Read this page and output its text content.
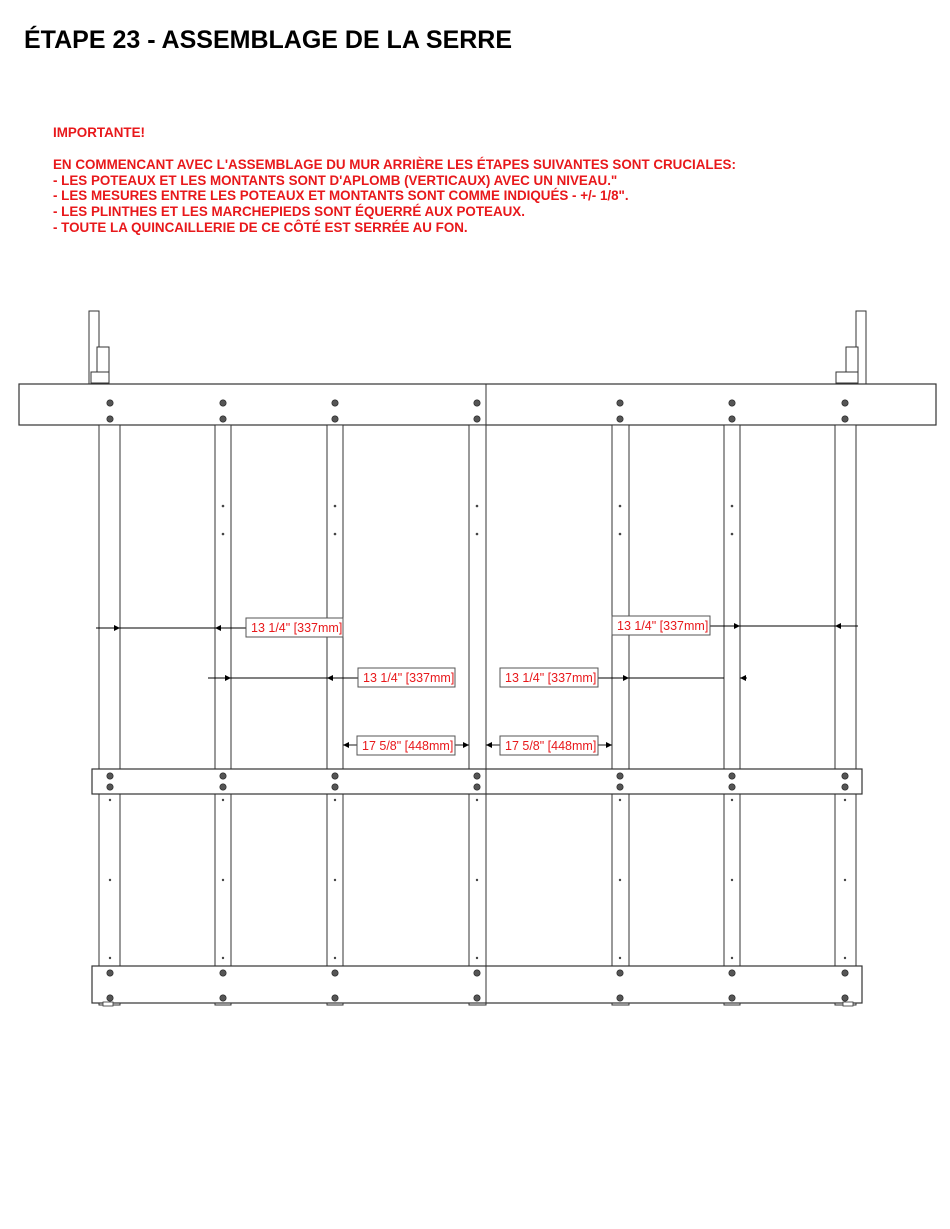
ÉTAPE 23 - ASSEMBLAGE DE LA SERRE
IMPORTANTE!
EN COMMENCANT AVEC L'ASSEMBLAGE DU MUR ARRIÈRE LES ÉTAPES SUIVANTES SONT CRUCIALES:
- LES POTEAUX ET LES MONTANTS SONT D'APLOMB (VERTICAUX) AVEC UN NIVEAU."
- LES MESURES ENTRE LES POTEAUX ET MONTANTS SONT COMME INDIQUÉS - +/- 1/8".
- LES PLINTHES ET LES MARCHEPIEDS SONT ÉQUERRÉ AUX POTEAUX.
- TOUTE LA QUINCAILLERIE DE CE CÔTÉ EST SERRÉE AU FON.
13 1/4" [337mm]
13 1/4" [337mm]
17 5/8" [448mm]	17 5/8" [448mm]
13 1/4" [337mm]
13 1/4" [337mm]
